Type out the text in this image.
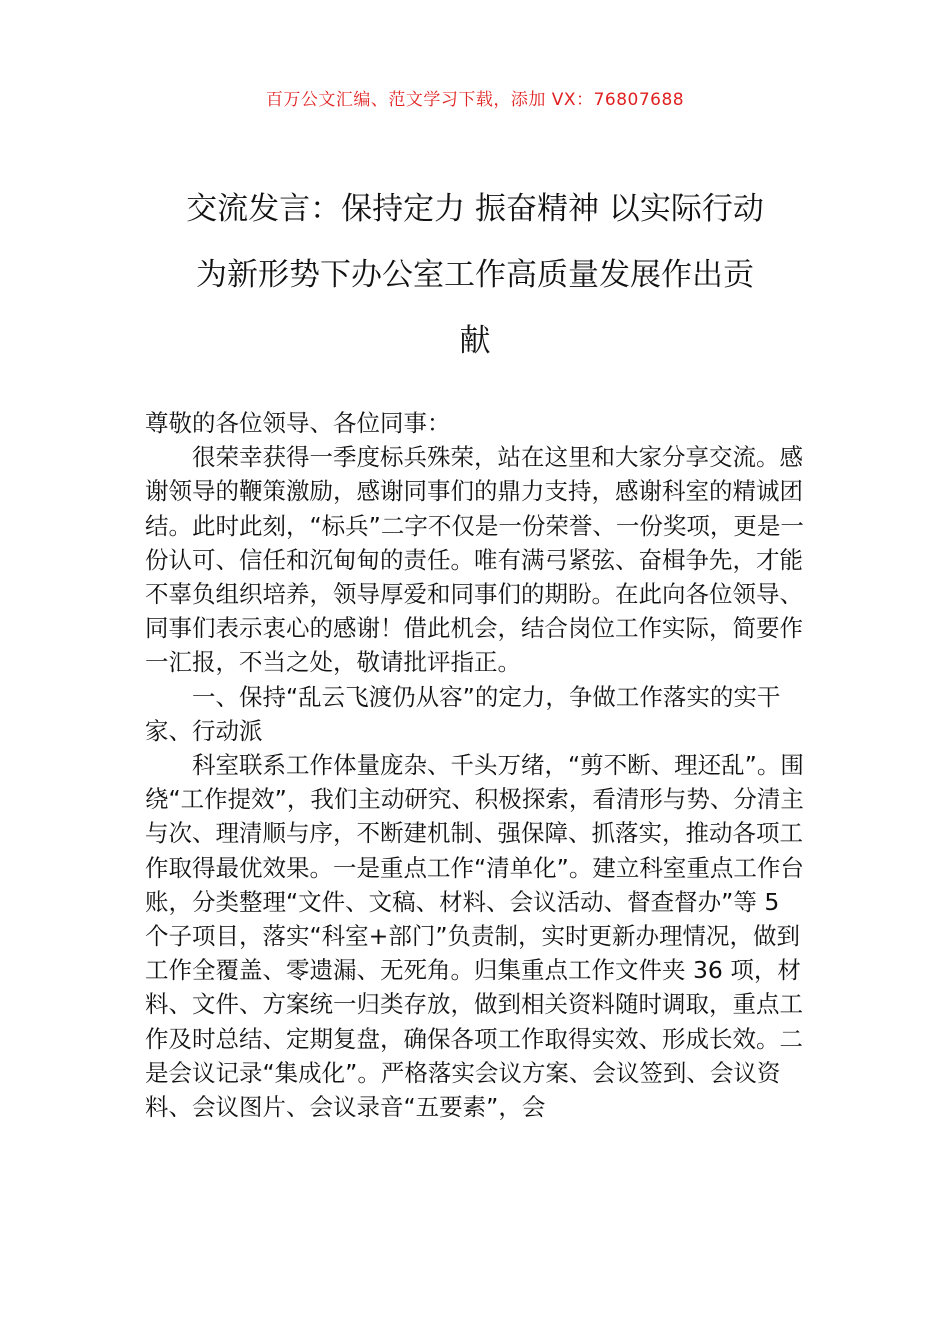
百万公文汇编、范文学习下载，添加 VX：76807688
交流发言：保持定力 振奋精神 以实际行动
为新形势下办公室工作高质量发展作出贡
献

尊敬的各位领导、各位同事：

很荣幸获得一季度标兵殊荣，站在这里和大家分享交流。感谢领导的鞭策激励，感谢同事们的鼎力支持，感谢科室的精诚团结。此时此刻，“标兵”二字不仅是一份荣誉、一份奖项，更是一份认可、信任和沉甸甸的责任。唯有满弓紧弦、奋楫争先，才能不辜负组织培养，领导厚爱和同事们的期盼。在此向各位领导、同事们表示衷心的感谢！借此机会，结合岗位工作实际，简要作一汇报，不当之处，敬请批评指正。

一、保持“乱云飞渡仍从容”的定力，争做工作落实的实干家、行动派

科室联系工作体量庞杂、千头万绪，“剪不断、理还乱”。围绕“工作提效”，我们主动研究、积极探索，看清形与势、分清主与次、理清顺与序，不断建机制、强保障、抓落实，推动各项工作取得最优效果。一是重点工作“清单化”。建立科室重点工作台账，分类整理“文件、文稿、材料、会议活动、督查督办”等 5 个子项目，落实“科室+部门”负责制，实时更新办理情况，做到工作全覆盖、零遗漏、无死角。归集重点工作文件夹 36 项，材料、文件、方案统一归类存放，做到相关资料随时调取，重点工作及时总结、定期复盘，确保各项工作取得实效、形成长效。二是会议记录“集成化”。严格落实会议方案、会议签到、会议资料、会议图片、会议录音“五要素”，会
